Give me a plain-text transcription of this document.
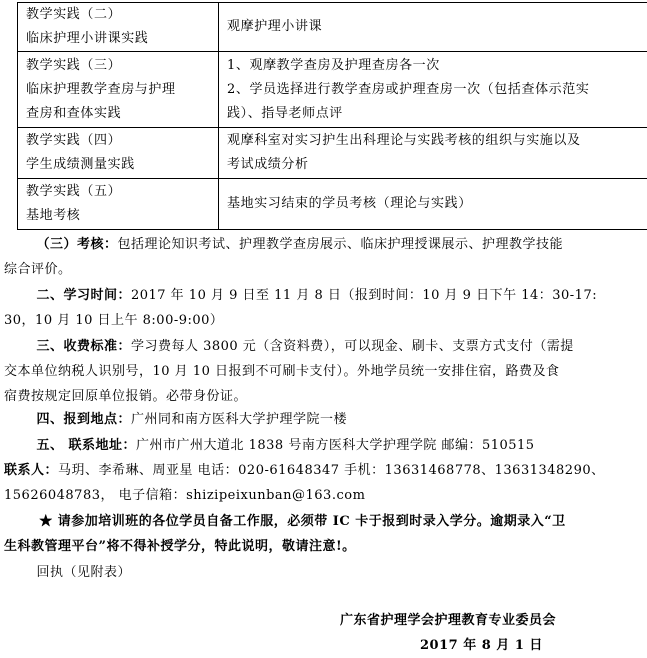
教学实践（二）
临床护理小讲课实践	观摩护理小讲课

教学实践（三）
临床护理教学查房与护理
查房和查体实践	1、观摩教学查房及护理查房各一次
2、学员选择进行教学查房或护理查房一次（包括查体示范实
践）、指导老师点评

教学实践（四）
学生成绩测量实践	观摩科室对实习护生出科理论与实践考核的组织与实施以及
考试成绩分析

教学实践（五）
基地考核	基地实习结束的学员考核（理论与实践）
（三）考核：包括理论知识考试、护理教学查房展示、临床护理授课展示、护理教学技能
综合评价。
二、学习时间：2017 年 10 月 9 日至 11 月 8 日（报到时间：10 月 9 日下午 14：30-17:
30，10 月 10 日上午 8:00-9:00）
三、收费标准：学习费每人 3800 元（含资料费），可以现金、刷卡、支票方式支付（需提
交本单位纳税人识别号，10 月 10 日报到不可刷卡支付）。外地学员统一安排住宿，路费及食
宿费按规定回原单位报销。必带身份证。
四、报到地点：广州同和南方医科大学护理学院一楼
五、 联系地址：广州市广州大道北 1838 号南方医科大学护理学院 邮编：510515
联系人：马玥、李希琳、周亚星 电话：020-61648347 手机：13631468778、13631348290、
15626048783， 电子信箱：shizipeixunban@163.com
★ 请参加培训班的各位学员自备工作服，必须带 IC 卡于报到时录入学分。逾期录入“卫
生科教管理平台”将不得补授学分，特此说明，敬请注意!。
回执（见附表）
广东省护理学会护理教育专业委员会
2017 年 8 月 1 日
